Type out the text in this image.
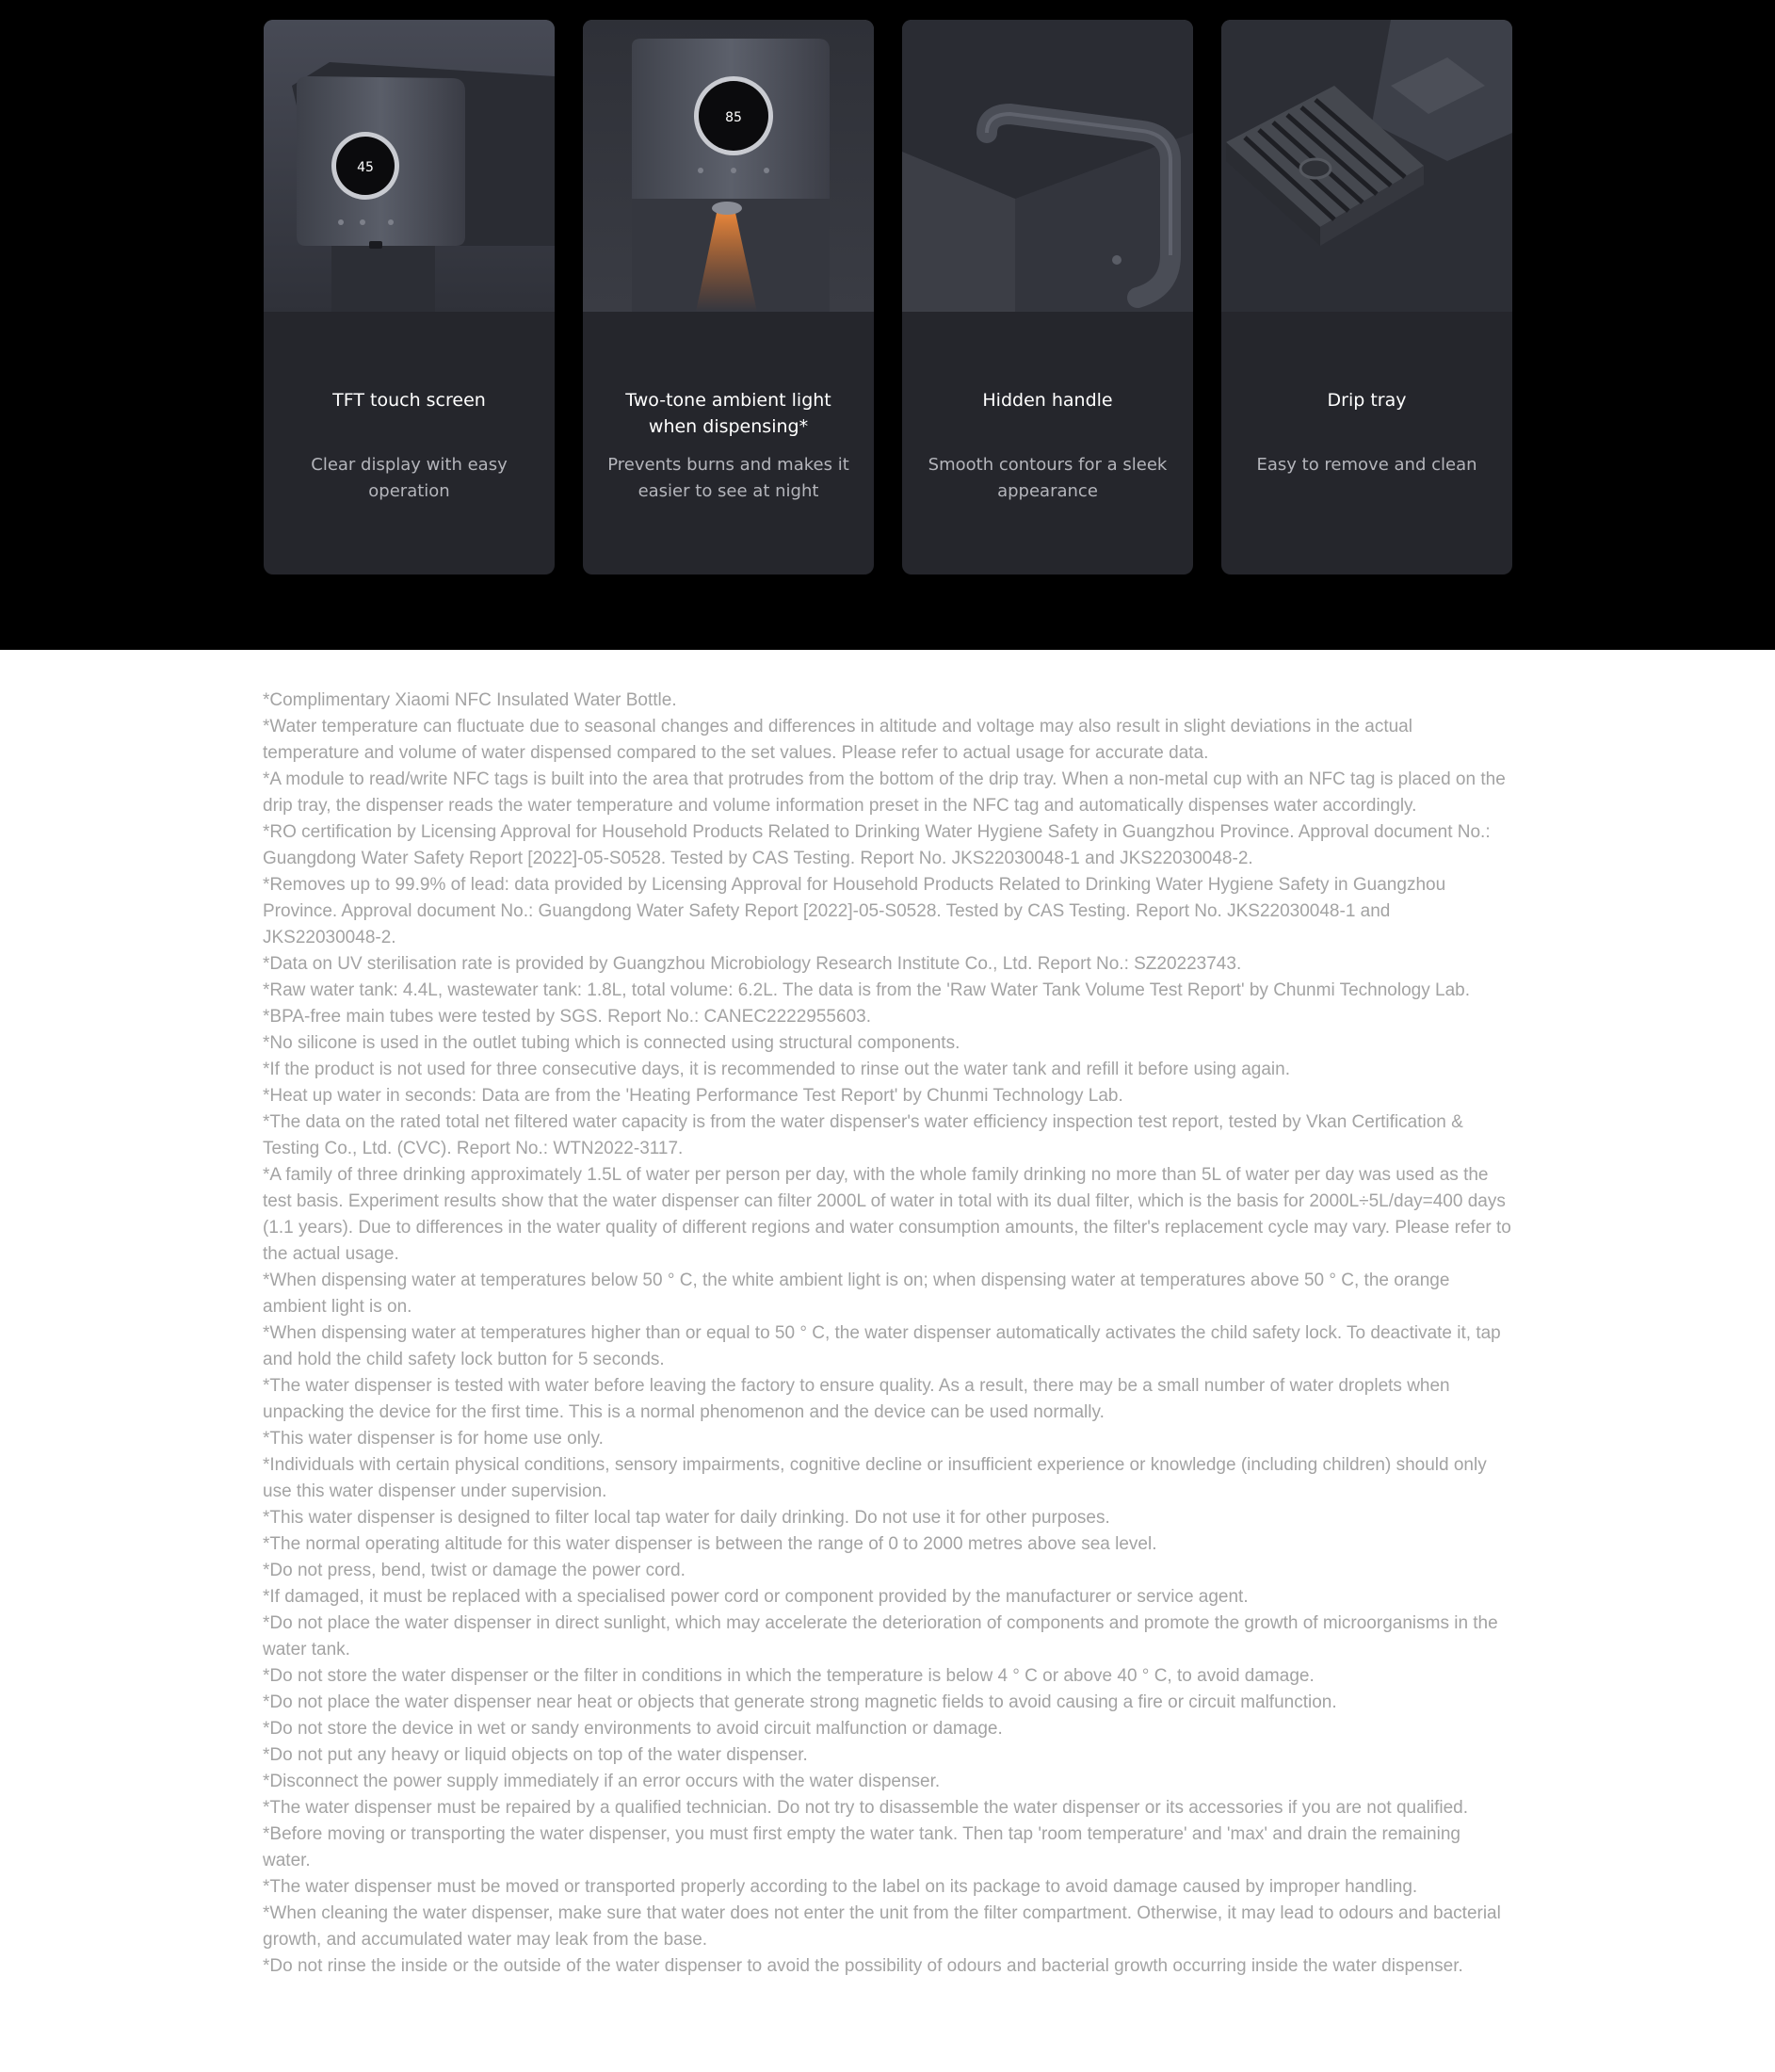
45
TFT touch screen
Clear display with easy operation
85
Two-tone ambient light when dispensing*
Prevents burns and makes it easier to see at night
Hidden handle
Smooth contours for a sleek appearance
Drip tray
Easy to remove and clean

*Complimentary Xiaomi NFC Insulated Water Bottle.

*Water temperature can fluctuate due to seasonal changes and differences in altitude and voltage may also result in slight deviations in the actual temperature and volume of water dispensed compared to the set values. Please refer to actual usage for accurate data.

*A module to read/write NFC tags is built into the area that protrudes from the bottom of the drip tray. When a non-metal cup with an NFC tag is placed on the drip tray, the dispenser reads the water temperature and volume information preset in the NFC tag and automatically dispenses water accordingly.

*RO certification by Licensing Approval for Household Products Related to Drinking Water Hygiene Safety in Guangzhou Province. Approval document No.: Guangdong Water Safety Report [2022]-05-S0528. Tested by CAS Testing. Report No. JKS22030048-1 and JKS22030048-2.

*Removes up to 99.9% of lead: data provided by Licensing Approval for Household Products Related to Drinking Water Hygiene Safety in Guangzhou Province. Approval document No.: Guangdong Water Safety Report [2022]-05-S0528. Tested by CAS Testing. Report No. JKS22030048-1 and JKS22030048-2.

*Data on UV sterilisation rate is provided by Guangzhou Microbiology Research Institute Co., Ltd. Report No.: SZ20223743.

*Raw water tank: 4.4L, wastewater tank: 1.8L, total volume: 6.2L. The data is from the 'Raw Water Tank Volume Test Report' by Chunmi Technology Lab.

*BPA-free main tubes were tested by SGS. Report No.: CANEC2222955603.

*No silicone is used in the outlet tubing which is connected using structural components.

*If the product is not used for three consecutive days, it is recommended to rinse out the water tank and refill it before using again.

*Heat up water in seconds: Data are from the 'Heating Performance Test Report' by Chunmi Technology Lab.

*The data on the rated total net filtered water capacity is from the water dispenser's water efficiency inspection test report, tested by Vkan Certification & Testing Co., Ltd. (CVC). Report No.: WTN2022-3117.

*A family of three drinking approximately 1.5L of water per person per day, with the whole family drinking no more than 5L of water per day was used as the test basis. Experiment results show that the water dispenser can filter 2000L of water in total with its dual filter, which is the basis for 2000L÷5L/day=400 days (1.1 years). Due to differences in the water quality of different regions and water consumption amounts, the filter's replacement cycle may vary. Please refer to the actual usage.

*When dispensing water at temperatures below 50 ° C, the white ambient light is on; when dispensing water at temperatures above 50 ° C, the orange ambient light is on.

*When dispensing water at temperatures higher than or equal to 50 ° C, the water dispenser automatically activates the child safety lock. To deactivate it, tap and hold the child safety lock button for 5 seconds.

*The water dispenser is tested with water before leaving the factory to ensure quality. As a result, there may be a small number of water droplets when unpacking the device for the first time. This is a normal phenomenon and the device can be used normally.

*This water dispenser is for home use only.

*Individuals with certain physical conditions, sensory impairments, cognitive decline or insufficient experience or knowledge (including children) should only use this water dispenser under supervision.

*This water dispenser is designed to filter local tap water for daily drinking. Do not use it for other purposes.

*The normal operating altitude for this water dispenser is between the range of 0 to 2000 metres above sea level.

*Do not press, bend, twist or damage the power cord.

*If damaged, it must be replaced with a specialised power cord or component provided by the manufacturer or service agent.

*Do not place the water dispenser in direct sunlight, which may accelerate the deterioration of components and promote the growth of microorganisms in the water tank.

*Do not store the water dispenser or the filter in conditions in which the temperature is below 4 ° C or above 40 ° C, to avoid damage.

*Do not place the water dispenser near heat or objects that generate strong magnetic fields to avoid causing a fire or circuit malfunction.

*Do not store the device in wet or sandy environments to avoid circuit malfunction or damage.

*Do not put any heavy or liquid objects on top of the water dispenser.

*Disconnect the power supply immediately if an error occurs with the water dispenser.

*The water dispenser must be repaired by a qualified technician. Do not try to disassemble the water dispenser or its accessories if you are not qualified.

*Before moving or transporting the water dispenser, you must first empty the water tank. Then tap 'room temperature' and 'max' and drain the remaining water.

*The water dispenser must be moved or transported properly according to the label on its package to avoid damage caused by improper handling.

*When cleaning the water dispenser, make sure that water does not enter the unit from the filter compartment. Otherwise, it may lead to odours and bacterial growth, and accumulated water may leak from the base.

*Do not rinse the inside or the outside of the water dispenser to avoid the possibility of odours and bacterial growth occurring inside the water dispenser.
